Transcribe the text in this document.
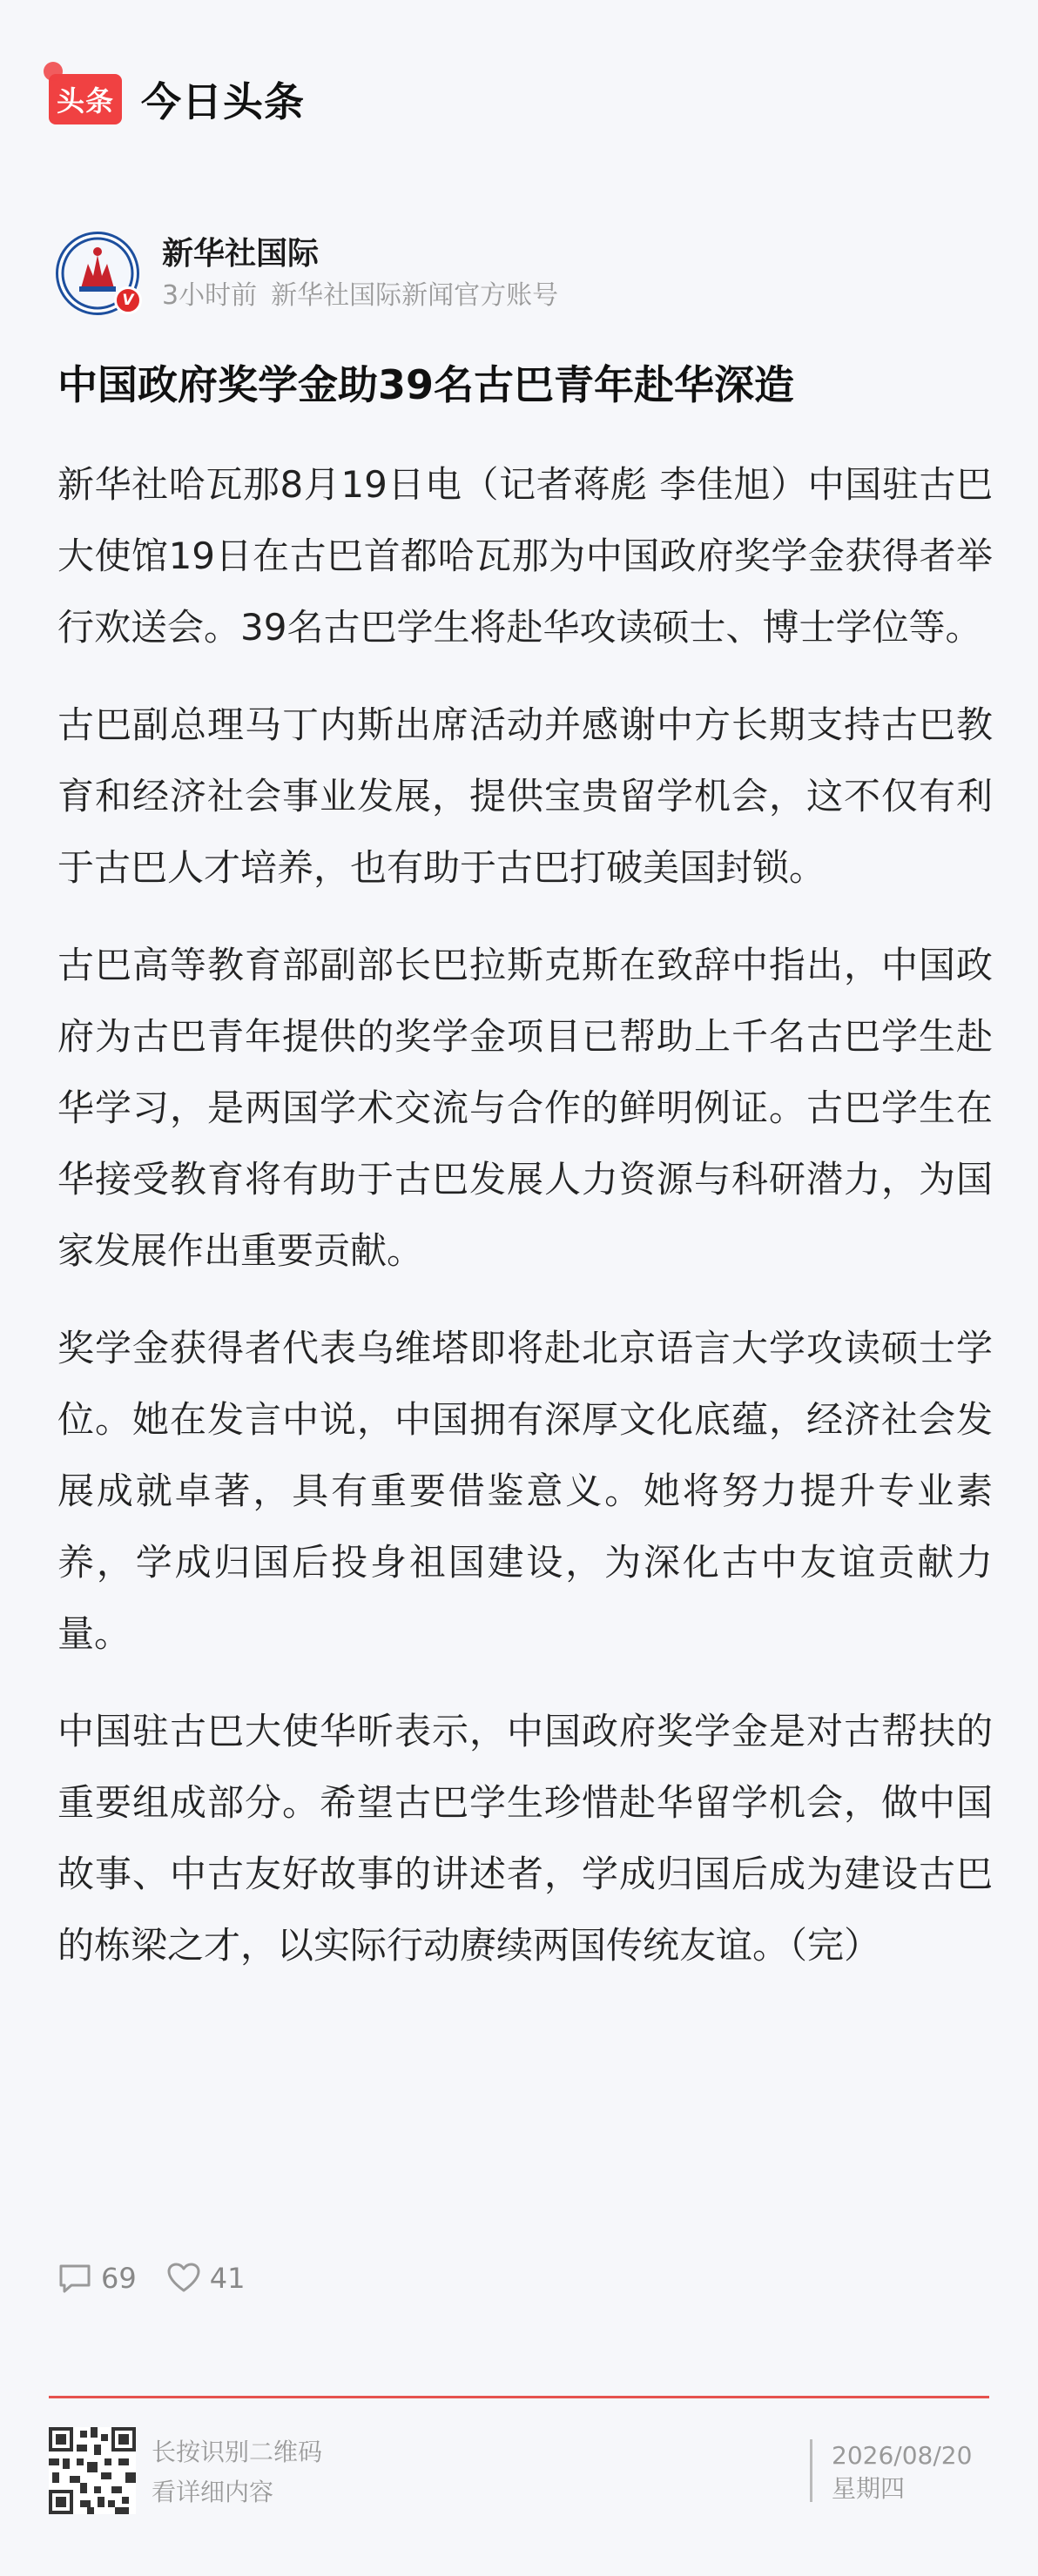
头条 今日头条
V
新华社国际
3小时前 新华社国际新闻官方账号
中国政府奖学金助39名古巴青年赴华深造

新华社哈瓦那8月19日电（记者蒋彪 李佳旭）中国驻古巴大使馆19日在古巴首都哈瓦那为中国政府奖学金获得者举行欢送会。39名古巴学生将赴华攻读硕士、博士学位等。

古巴副总理马丁内斯出席活动并感谢中方长期支持古巴教育和经济社会事业发展，提供宝贵留学机会，这不仅有利于古巴人才培养，也有助于古巴打破美国封锁。

古巴高等教育部副部长巴拉斯克斯在致辞中指出，中国政府为古巴青年提供的奖学金项目已帮助上千名古巴学生赴华学习，是两国学术交流与合作的鲜明例证。古巴学生在华接受教育将有助于古巴发展人力资源与科研潜力，为国家发展作出重要贡献。

奖学金获得者代表乌维塔即将赴北京语言大学攻读硕士学位。她在发言中说，中国拥有深厚文化底蕴，经济社会发展成就卓著，具有重要借鉴意义。她将努力提升专业素养，学成归国后投身祖国建设，为深化古中友谊贡献力量。

中国驻古巴大使华昕表示，中国政府奖学金是对古帮扶的重要组成部分。希望古巴学生珍惜赴华留学机会，做中国故事、中古友好故事的讲述者，学成归国后成为建设古巴的栋梁之才，以实际行动赓续两国传统友谊。（完）

69	41
长按识别二维码
看详细内容
2026/08/20
星期四
